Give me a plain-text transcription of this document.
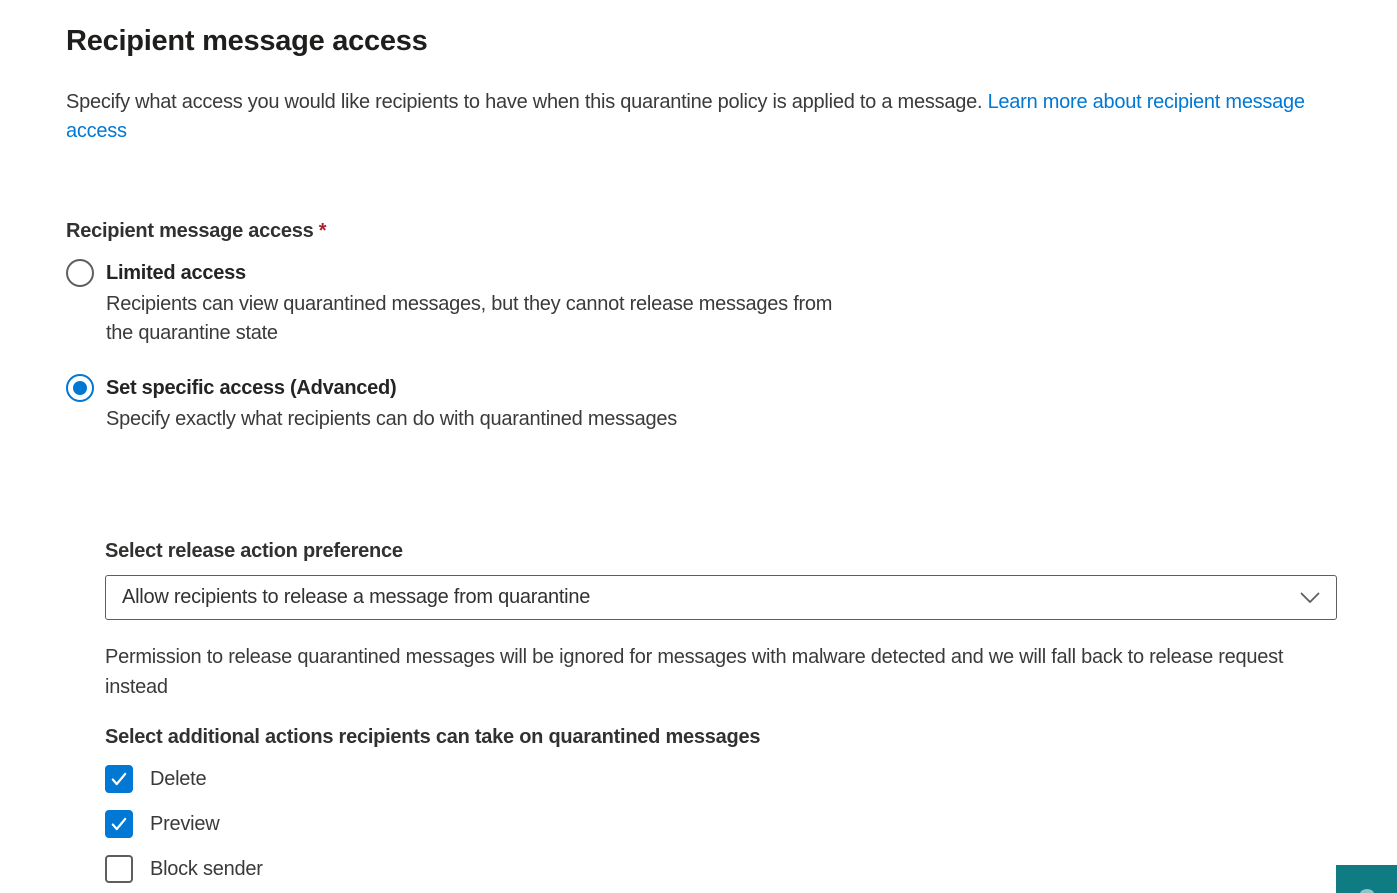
Recipient message access

Specify what access you would like recipients to have when this quarantine policy is applied to a message. Learn more about recipient message access

Recipient message access *
Limited access
Recipients can view quarantined messages, but they cannot release messages from the quarantine state
Set specific access (Advanced)
Specify exactly what recipients can do with quarantined messages
Select release action preference
Allow recipients to release a message from quarantine

Permission to release quarantined messages will be ignored for messages with malware detected and we will fall back to release request instead

Select additional actions recipients can take on quarantined messages
Delete
Preview
Block sender
